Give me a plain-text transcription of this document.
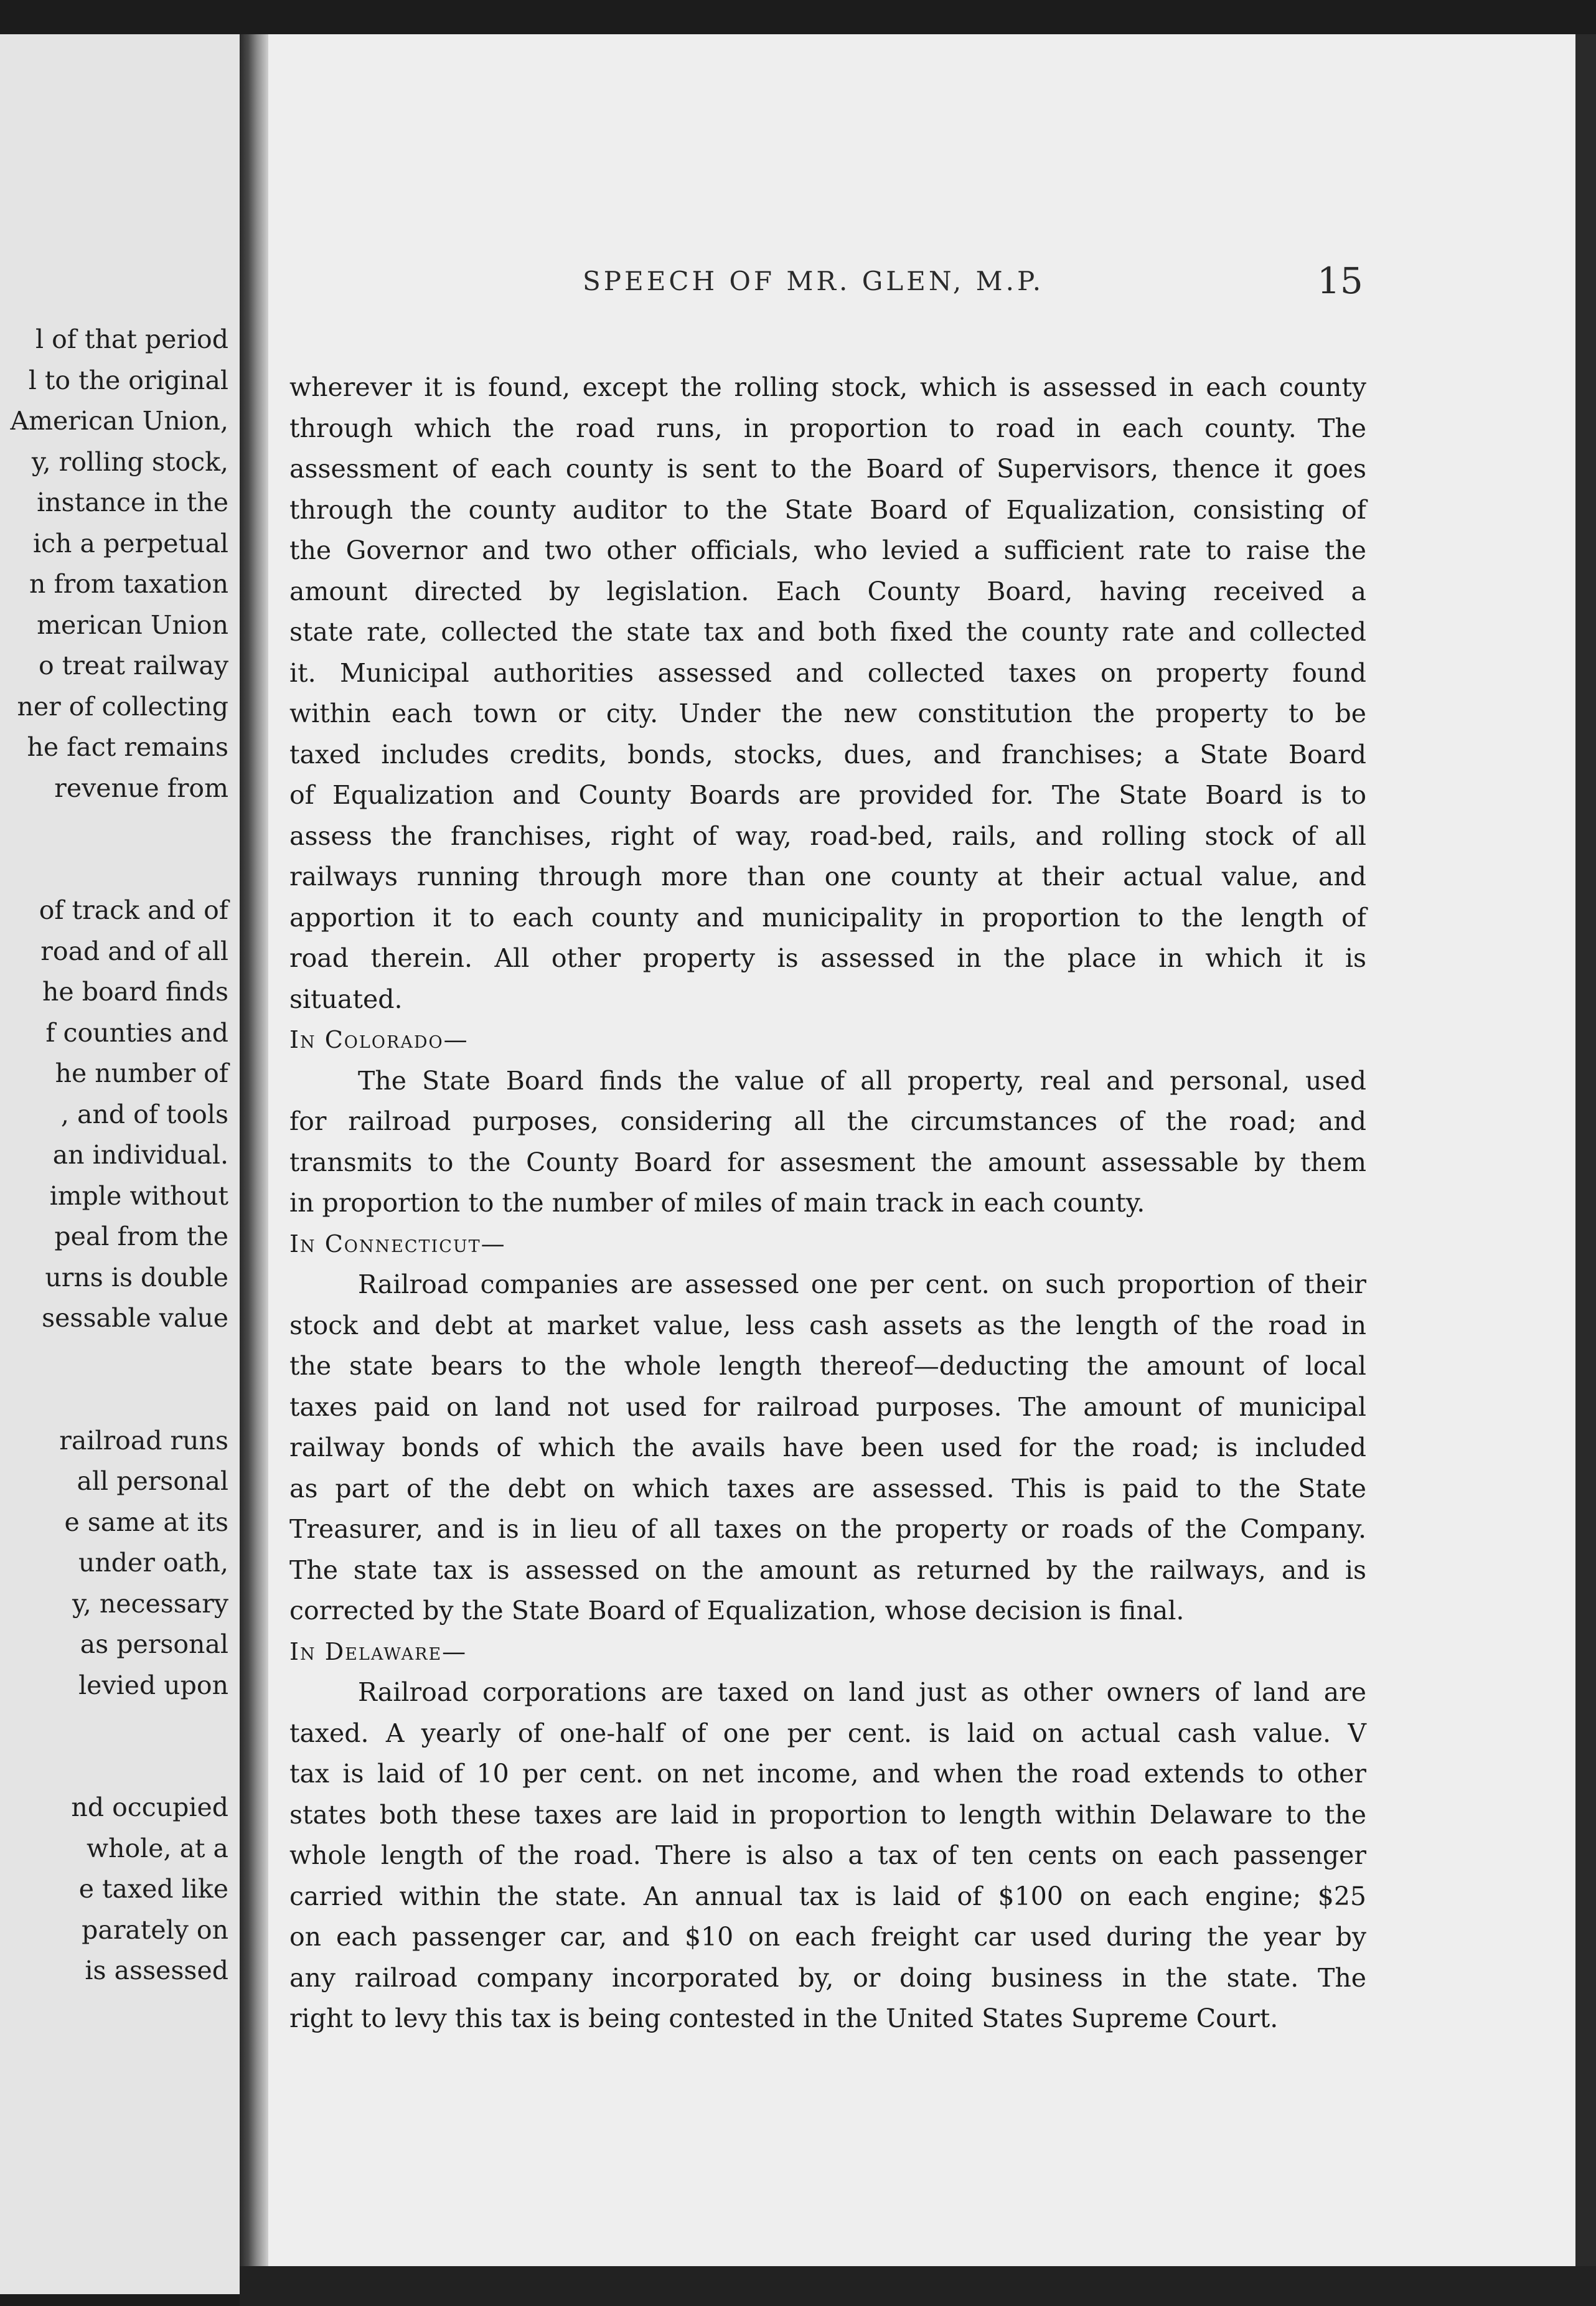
l of that period
l to the original
American Union,
y, rolling stock,
instance in the
ich a perpetual
n from taxation
merican Union
o treat railway
ner of collecting
he fact remains
revenue from
of track and of
road and of all
he board finds
f counties and
he number of
, and of tools
an individual.
imple without
peal from the
urns is double
sessable value
railroad runs
all personal
e same at its
under oath,
y, necessary
as personal
levied upon
nd occupied
whole, at a
e taxed like
parately on
is assessed
SPEECH OF MR. GLEN, M.P.	15
wherever it is found, except the rolling stock, which is assessed in each county
through which the road runs, in proportion to road in each county. The
assessment of each county is sent to the Board of Supervisors, thence it goes
through the county auditor to the State Board of Equalization, consisting of
the Governor and two other officials, who levied a sufficient rate to raise the
amount directed by legislation. Each County Board, having received a
state rate, collected the state tax and both fixed the county rate and collected
it. Municipal authorities assessed and collected taxes on property found
within each town or city. Under the new constitution the property to be
taxed includes credits, bonds, stocks, dues, and franchises; a State Board
of Equalization and County Boards are provided for. The State Board is to
assess the franchises, right of way, road-bed, rails, and rolling stock of all
railways running through more than one county at their actual value, and
apportion it to each county and municipality in proportion to the length of
road therein. All other property is assessed in the place in which it is
situated.
In Colorado—
The State Board finds the value of all property, real and personal, used
for railroad purposes, considering all the circumstances of the road; and
transmits to the County Board for assesment the amount assessable by them
in proportion to the number of miles of main track in each county.
In Connecticut—
Railroad companies are assessed one per cent. on such proportion of their
stock and debt at market value, less cash assets as the length of the road in
the state bears to the whole length thereof—deducting the amount of local
taxes paid on land not used for railroad purposes. The amount of municipal
railway bonds of which the avails have been used for the road; is included
as part of the debt on which taxes are assessed. This is paid to the State
Treasurer, and is in lieu of all taxes on the property or roads of the Company.
The state tax is assessed on the amount as returned by the railways, and is
corrected by the State Board of Equalization, whose decision is final.
In Delaware—
Railroad corporations are taxed on land just as other owners of land are
taxed. A yearly of one-half of one per cent. is laid on actual cash value. V
tax is laid of 10 per cent. on net income, and when the road extends to other
states both these taxes are laid in proportion to length within Delaware to the
whole length of the road. There is also a tax of ten cents on each passenger
carried within the state. An annual tax is laid of $100 on each engine; $25
on each passenger car, and $10 on each freight car used during the year by
any railroad company incorporated by, or doing business in the state. The
right to levy this tax is being contested in the United States Supreme Court.
